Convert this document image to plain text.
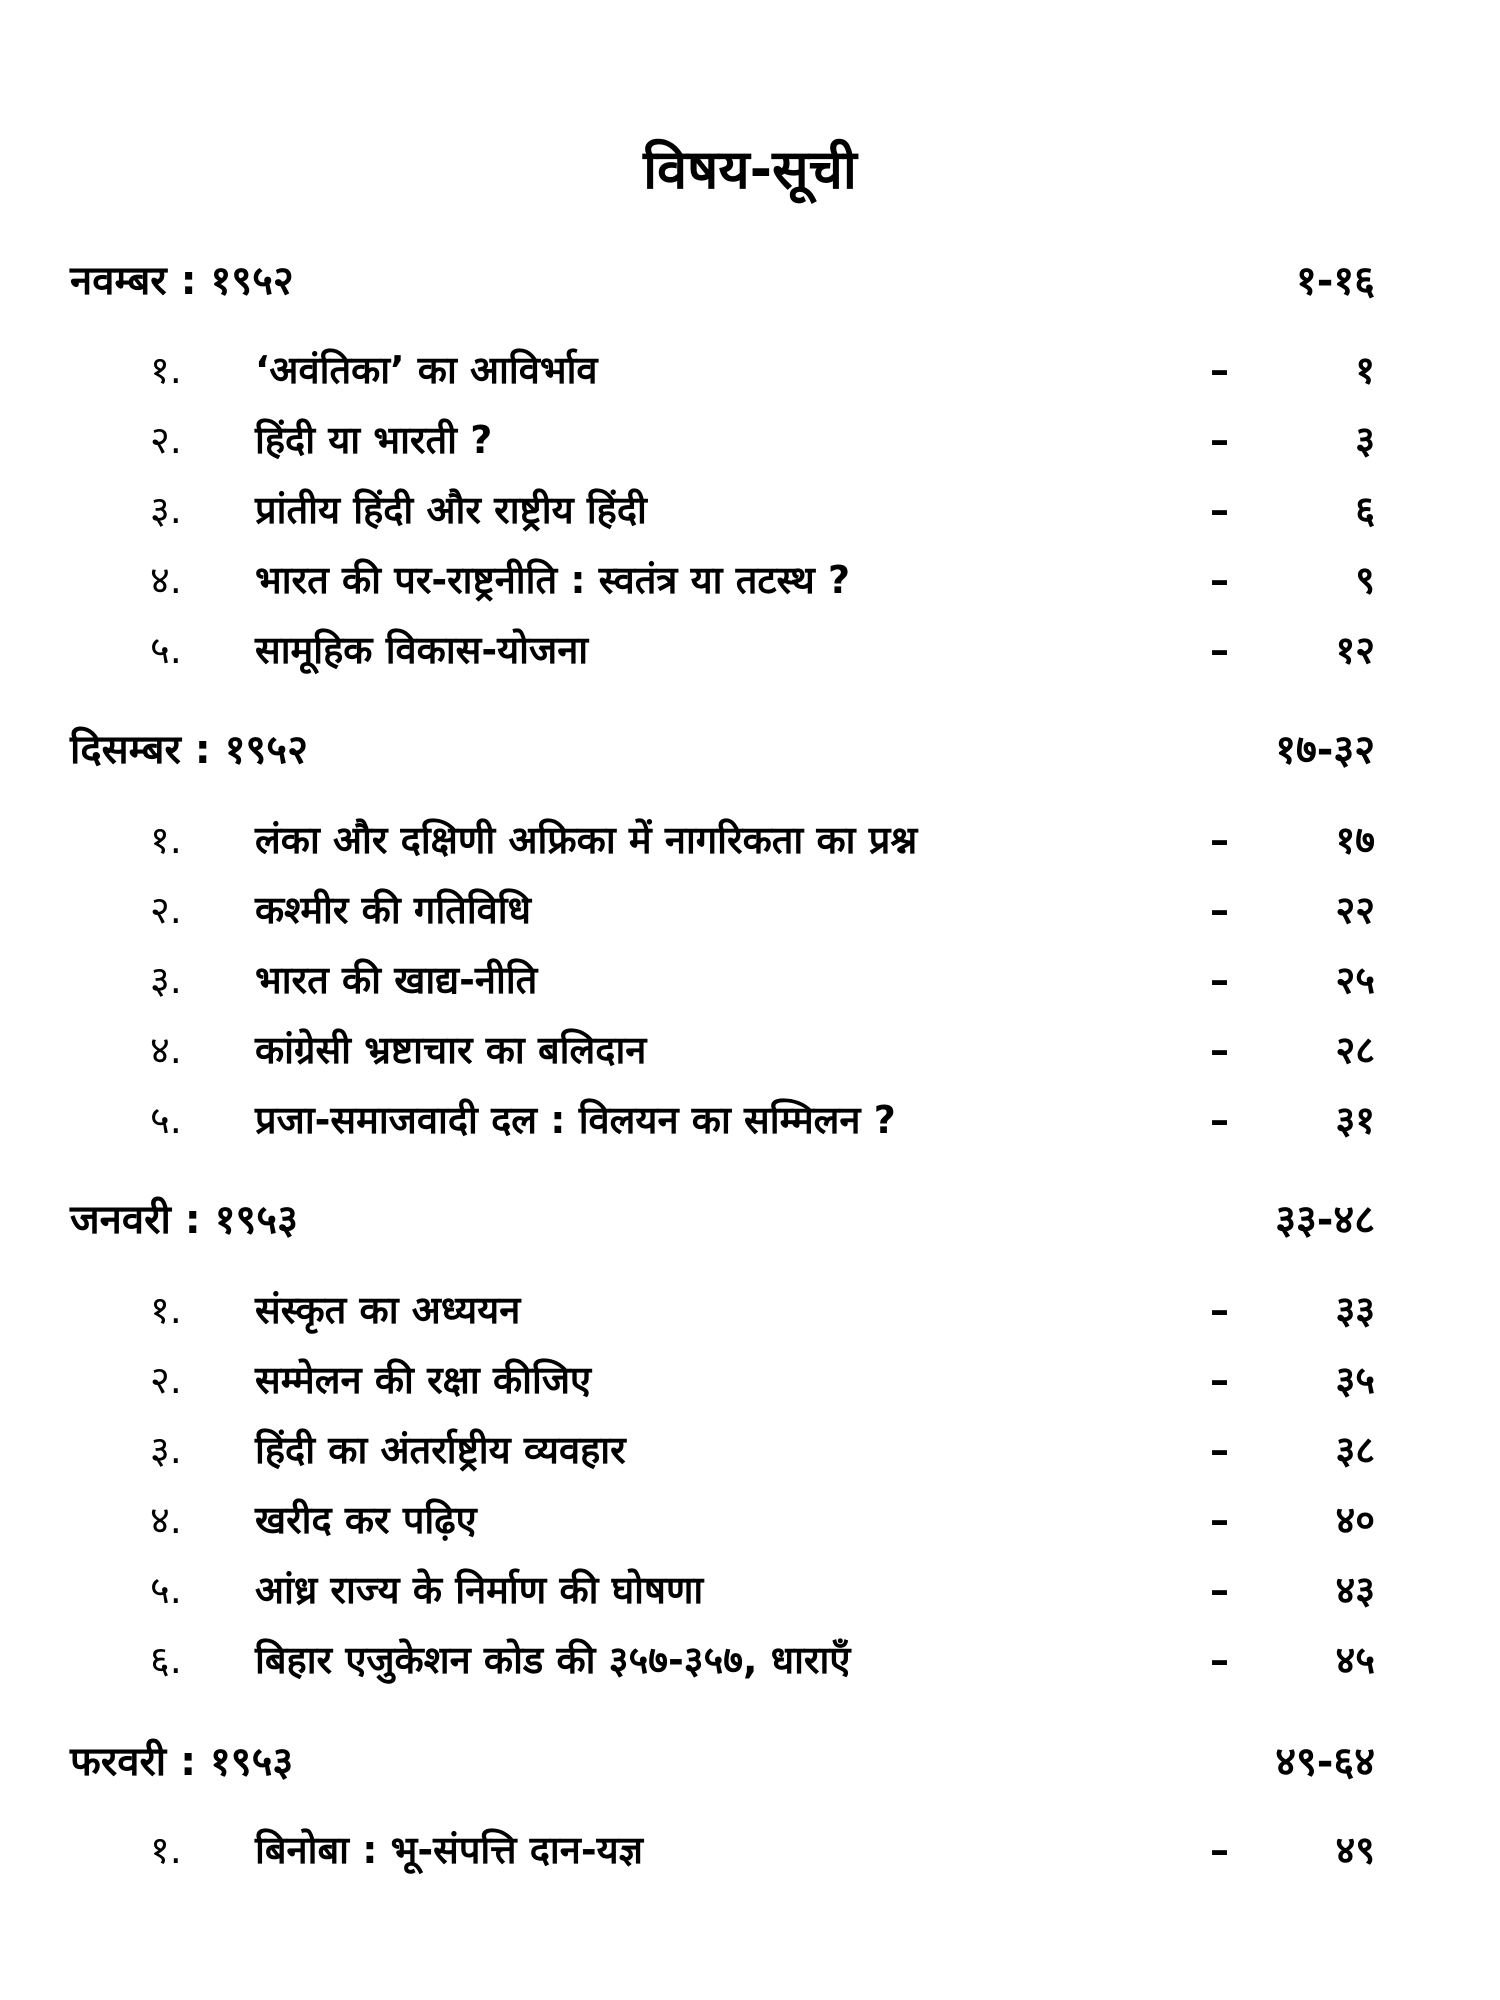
विषय-सूची
नवम्बर : १९५२	१-१६
१. ‘अवंतिका’ का आविर्भाव	–	१
२. हिंदी या भारती ?	–	३
३. प्रांतीय हिंदी और राष्ट्रीय हिंदी	–	६
४. भारत की पर-राष्ट्रनीति : स्वतंत्र या तटस्थ ?	–	९
५. सामूहिक विकास-योजना	–	१२
दिसम्बर : १९५२	१७-३२
१. लंका और दक्षिणी अफ्रिका में नागरिकता का प्रश्न	–	१७
२. कश्मीर की गतिविधि	–	२२
३. भारत की खाद्य-नीति	–	२५
४. कांग्रेसी भ्रष्टाचार का बलिदान	–	२८
५. प्रजा-समाजवादी दल : विलयन का सम्मिलन ?	–	३१
जनवरी : १९५३	३३-४८
१. संस्कृत का अध्ययन	–	३३
२. सम्मेलन की रक्षा कीजिए	–	३५
३. हिंदी का अंतर्राष्ट्रीय व्यवहार	–	३८
४. खरीद कर पढ़िए	–	४०
५. आंध्र राज्य के निर्माण की घोषणा	–	४३
६. बिहार एजुकेशन कोड की ३५७-३५७, धाराएँ	–	४५
फरवरी : १९५३	४९-६४
१. बिनोबा : भू-संपत्ति दान-यज्ञ	–	४९
